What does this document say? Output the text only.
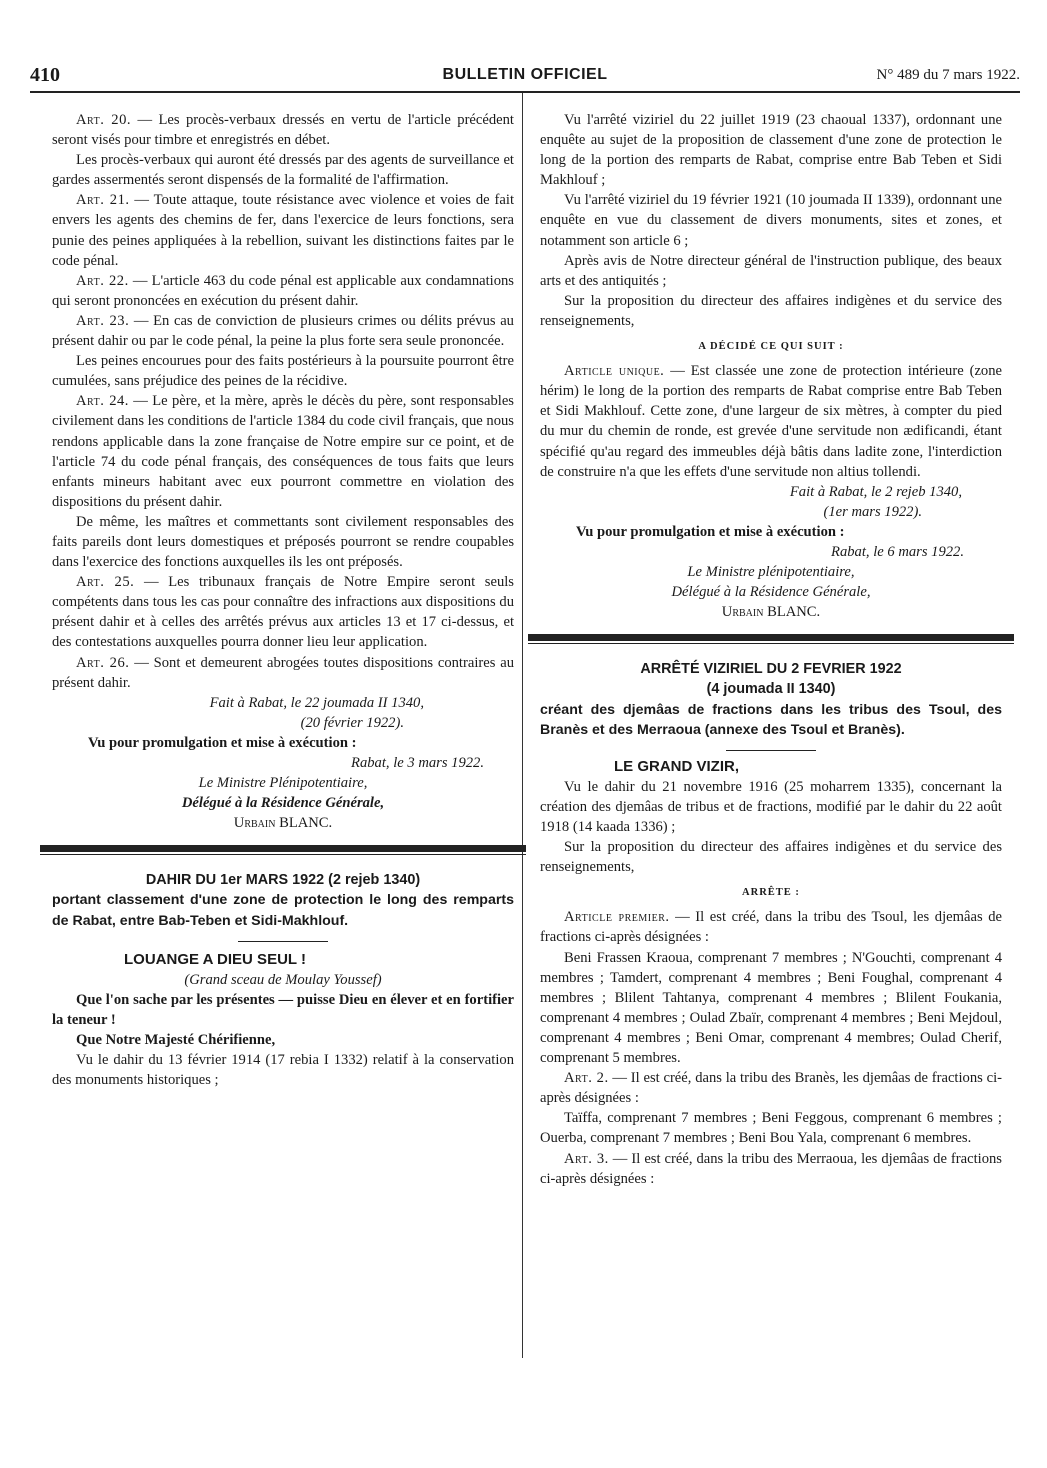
410	BULLETIN OFFICIEL	N° 489 du 7 mars 1922.

Art. 20. — Les procès-verbaux dressés en vertu de l'article précédent seront visés pour timbre et enregistrés en débet.

Les procès-verbaux qui auront été dressés par des agents de surveillance et gardes assermentés seront dispensés de la formalité de l'affirmation.

Art. 21. — Toute attaque, toute résistance avec violence et voies de fait envers les agents des chemins de fer, dans l'exercice de leurs fonctions, sera punie des peines appliquées à la rebellion, suivant les distinctions faites par le code pénal.

Art. 22. — L'article 463 du code pénal est applicable aux condamnations qui seront prononcées en exécution du présent dahir.

Art. 23. — En cas de conviction de plusieurs crimes ou délits prévus au présent dahir ou par le code pénal, la peine la plus forte sera seule prononcée.

Les peines encourues pour des faits postérieurs à la poursuite pourront être cumulées, sans préjudice des peines de la récidive.

Art. 24. — Le père, et la mère, après le décès du père, sont responsables civilement dans les conditions de l'article 1384 du code civil français, que nous rendons applicable dans la zone française de Notre empire sur ce point, et de l'article 74 du code pénal français, des conséquences de tous faits que leurs enfants mineurs habitant avec eux pourront commettre en violation des dispositions du présent dahir.

De même, les maîtres et commettants sont civilement responsables des faits pareils dont leurs domestiques et préposés pourront se rendre coupables dans l'exercice des fonctions auxquelles ils les ont préposés.

Art. 25. — Les tribunaux français de Notre Empire seront seuls compétents dans tous les cas pour connaître des infractions aux dispositions du présent dahir et à celles des arrêtés prévus aux articles 13 et 17 ci-dessus, et des contestations auxquelles pourra donner lieu leur application.

Art. 26. — Sont et demeurent abrogées toutes dispositions contraires au présent dahir.

Fait à Rabat, le 22 joumada II 1340,

(20 février 1922).

Vu pour promulgation et mise à exécution :

Rabat, le 3 mars 1922.

Le Ministre Plénipotentiaire,

Délégué à la Résidence Générale,

Urbain BLANC.

DAHIR DU 1er MARS 1922 (2 rejeb 1340)

portant classement d'une zone de protection le long des remparts de Rabat, entre Bab-Teben et Sidi-Makhlouf.

LOUANGE A DIEU SEUL !

(Grand sceau de Moulay Youssef)

Que l'on sache par les présentes — puisse Dieu en élever et en fortifier la teneur !

Que Notre Majesté Chérifienne,

Vu le dahir du 13 février 1914 (17 rebia I 1332) relatif à la conservation des monuments historiques ;

Vu l'arrêté viziriel du 22 juillet 1919 (23 chaoual 1337), ordonnant une enquête au sujet de la proposition de classement d'une zone de protection le long de la portion des remparts de Rabat, comprise entre Bab Teben et Sidi Makhlouf ;

Vu l'arrêté viziriel du 19 février 1921 (10 joumada II 1339), ordonnant une enquête en vue du classement de divers monuments, sites et zones, et notamment son article 6 ;

Après avis de Notre directeur général de l'instruction publique, des beaux arts et des antiquités ;

Sur la proposition du directeur des affaires indigènes et du service des renseignements,

A DÉCIDÉ CE QUI SUIT :

Article unique. — Est classée une zone de protection intérieure (zone hérim) le long de la portion des remparts de Rabat comprise entre Bab Teben et Sidi Makhlouf. Cette zone, d'une largeur de six mètres, à compter du pied du mur du chemin de ronde, est grevée d'une servitude non ædificandi, étant spécifié qu'au regard des immeubles déjà bâtis dans ladite zone, l'interdiction de construire n'a que les effets d'une servitude non altius tollendi.

Fait à Rabat, le 2 rejeb 1340,

(1er mars 1922).

Vu pour promulgation et mise à exécution :

Rabat, le 6 mars 1922.

Le Ministre plénipotentiaire,

Délégué à la Résidence Générale,

Urbain BLANC.

ARRÊTÉ VIZIRIEL DU 2 FEVRIER 1922

(4 joumada II 1340)

créant des djemâas de fractions dans les tribus des Tsoul, des Branès et des Merraoua (annexe des Tsoul et Branès).

LE GRAND VIZIR,

Vu le dahir du 21 novembre 1916 (25 moharrem 1335), concernant la création des djemâas de tribus et de fractions, modifié par le dahir du 22 août 1918 (14 kaada 1336) ;

Sur la proposition du directeur des affaires indigènes et du service des renseignements,

ARRÊTE :

Article premier. — Il est créé, dans la tribu des Tsoul, les djemâas de fractions ci-après désignées :

Beni Frassen Kraoua, comprenant 7 membres ; N'Gouchti, comprenant 4 membres ; Tamdert, comprenant 4 membres ; Beni Foughal, comprenant 4 membres ; Blilent Tahtanya, comprenant 4 membres ; Blilent Foukania, comprenant 4 membres ; Oulad Zbaïr, comprenant 4 membres ; Beni Mejdoul, comprenant 4 membres ; Beni Omar, comprenant 4 membres; Oulad Cherif, comprenant 5 membres.

Art. 2. — Il est créé, dans la tribu des Branès, les djemâas de fractions ci-après désignées :

Taïffa, comprenant 7 membres ; Beni Feggous, comprenant 6 membres ; Ouerba, comprenant 7 membres ; Beni Bou Yala, comprenant 6 membres.

Art. 3. — Il est créé, dans la tribu des Merraoua, les djemâas de fractions ci-après désignées :
